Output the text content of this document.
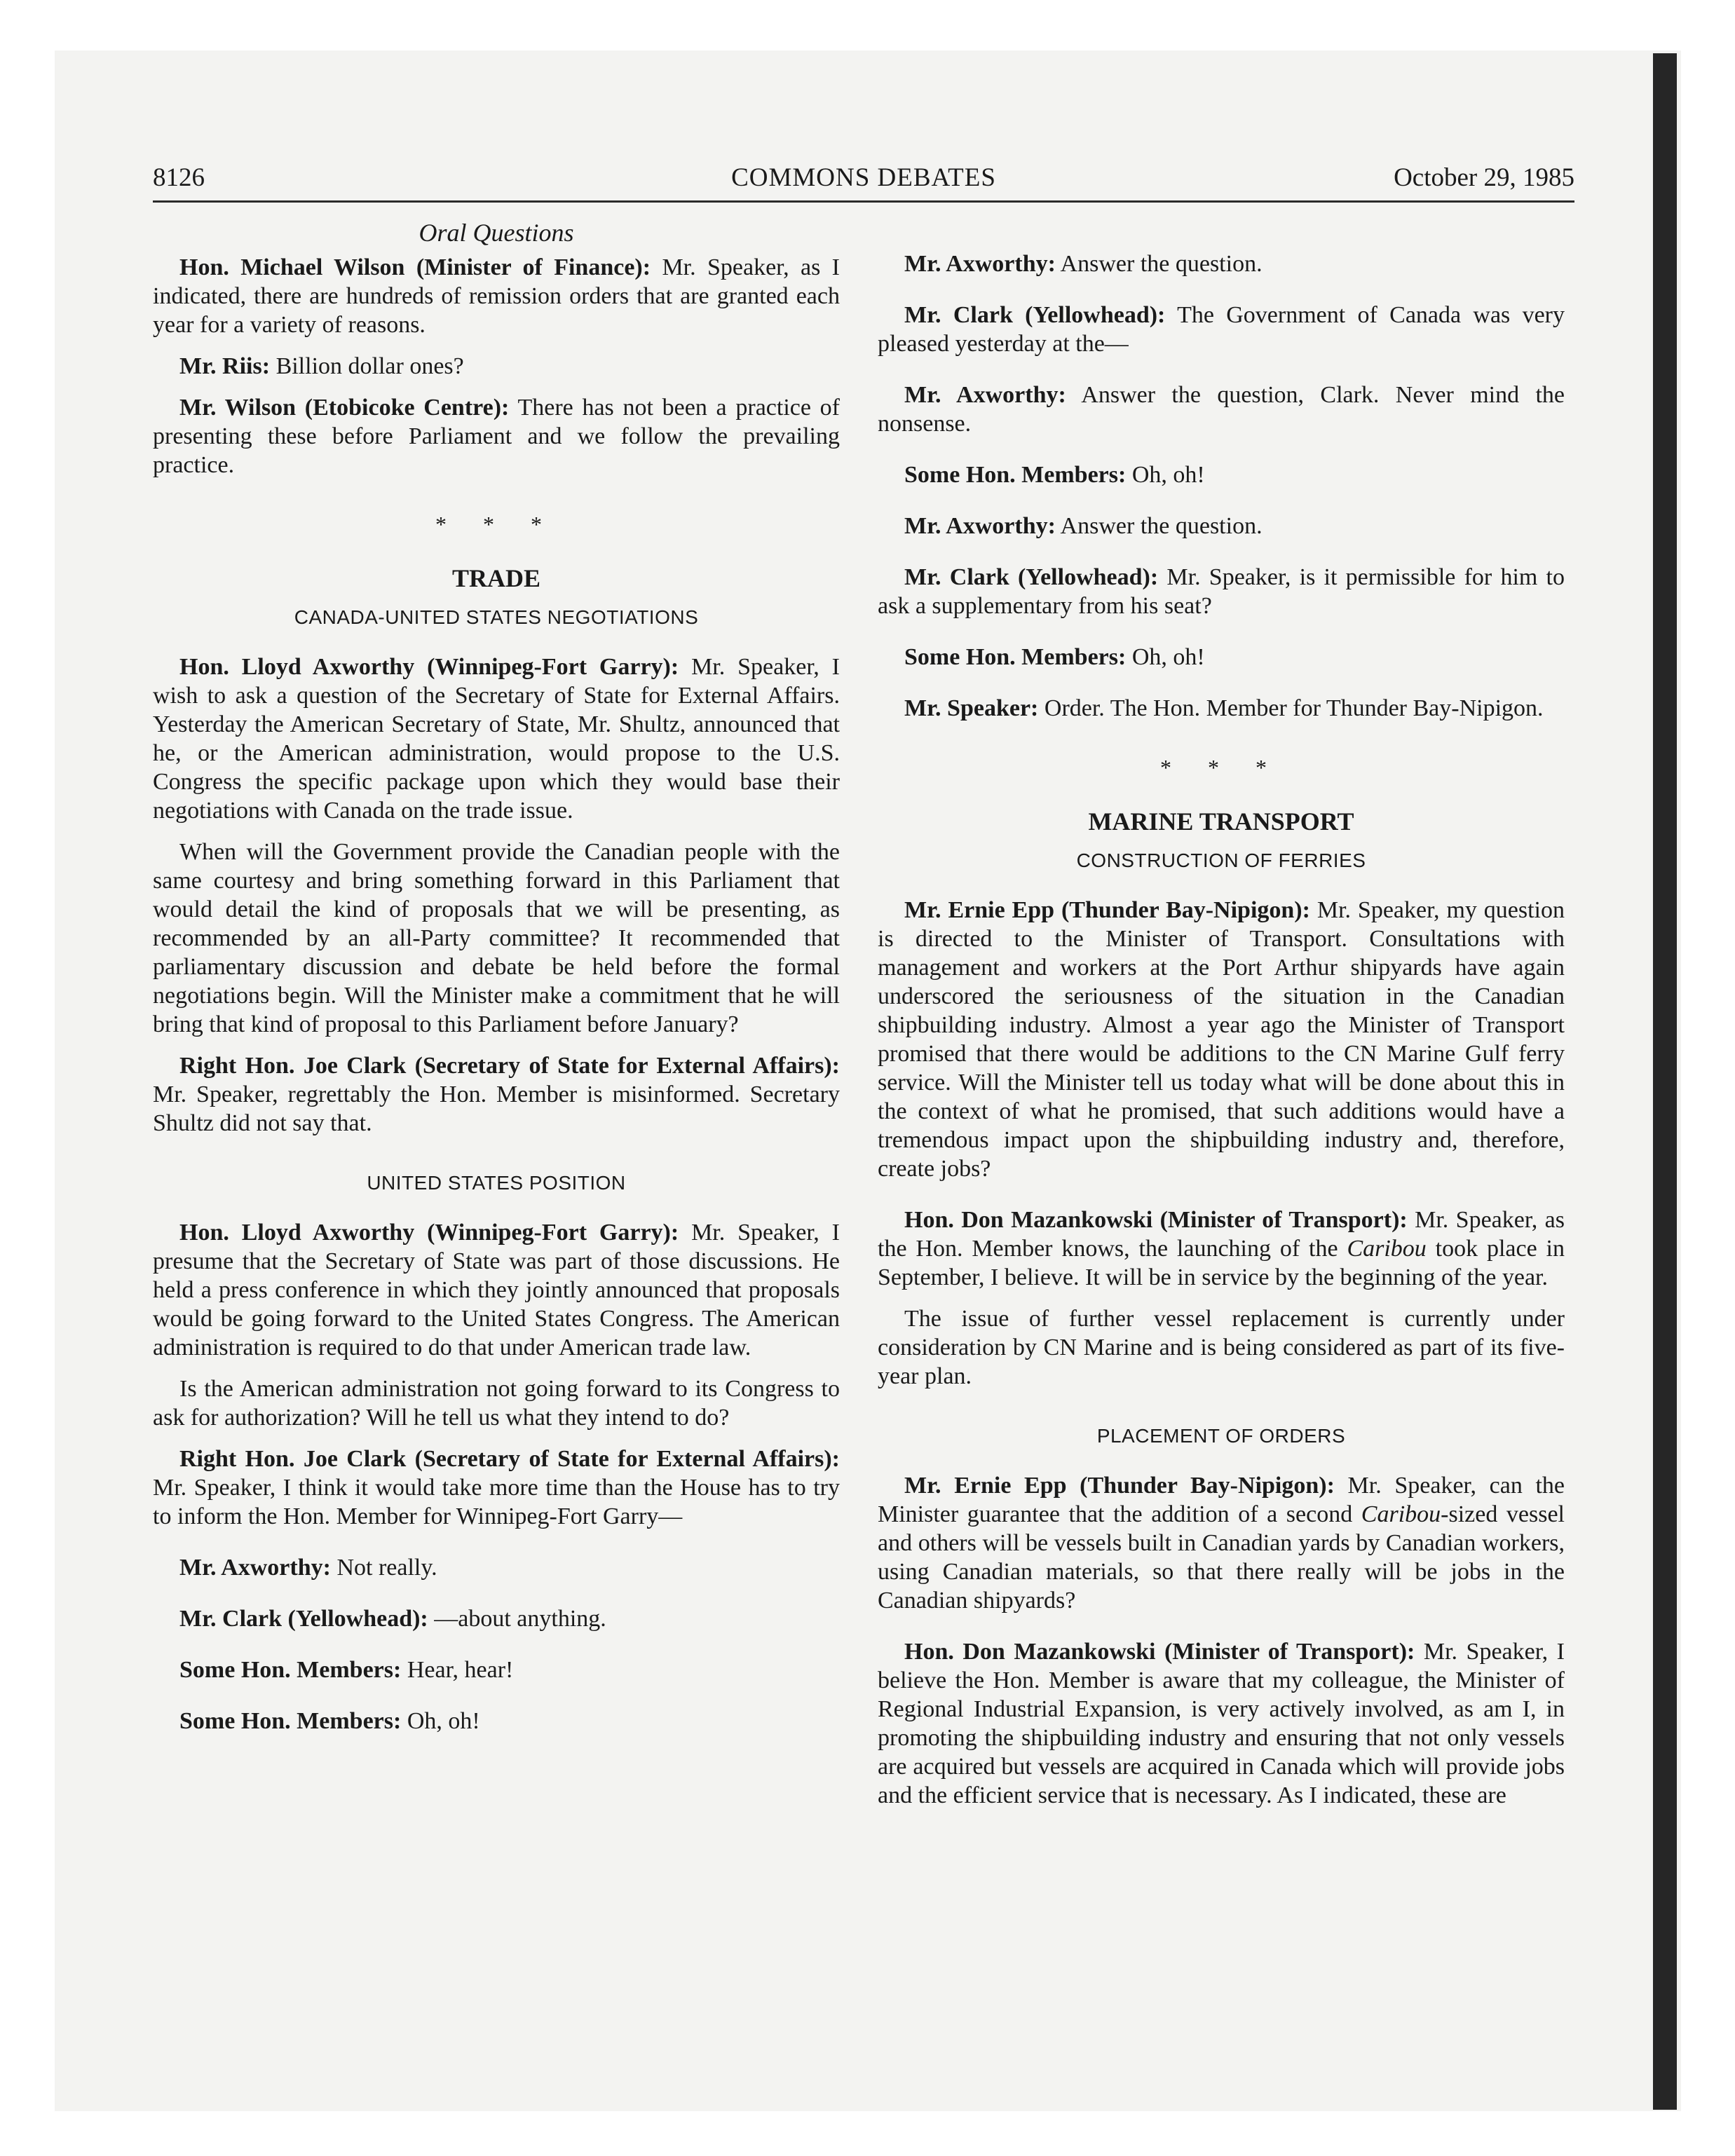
8126	COMMONS DEBATES	October 29, 1985
Oral Questions

Hon. Michael Wilson (Minister of Finance): Mr. Speaker, as I indicated, there are hundreds of remission orders that are granted each year for a variety of reasons.

Mr. Riis: Billion dollar ones?

Mr. Wilson (Etobicoke Centre): There has not been a practice of presenting these before Parliament and we follow the prevailing practice.

* * *
TRADE
CANADA-UNITED STATES NEGOTIATIONS

Hon. Lloyd Axworthy (Winnipeg-Fort Garry): Mr. Speaker, I wish to ask a question of the Secretary of State for External Affairs. Yesterday the American Secretary of State, Mr. Shultz, announced that he, or the American administration, would propose to the U.S. Congress the specific package upon which they would base their negotiations with Canada on the trade issue.

When will the Government provide the Canadian people with the same courtesy and bring something forward in this Parliament that would detail the kind of proposals that we will be presenting, as recommended by an all-Party committee? It recommended that parliamentary discussion and debate be held before the formal negotiations begin. Will the Minister make a commitment that he will bring that kind of proposal to this Parliament before January?

Right Hon. Joe Clark (Secretary of State for External Affairs): Mr. Speaker, regrettably the Hon. Member is misinformed. Secretary Shultz did not say that.

UNITED STATES POSITION

Hon. Lloyd Axworthy (Winnipeg-Fort Garry): Mr. Speaker, I presume that the Secretary of State was part of those discussions. He held a press conference in which they jointly announced that proposals would be going forward to the United States Congress. The American administration is required to do that under American trade law.

Is the American administration not going forward to its Congress to ask for authorization? Will he tell us what they intend to do?

Right Hon. Joe Clark (Secretary of State for External Affairs): Mr. Speaker, I think it would take more time than the House has to try to inform the Hon. Member for Winnipeg-Fort Garry—

Mr. Axworthy: Not really.

Mr. Clark (Yellowhead): —about anything.

Some Hon. Members: Hear, hear!

Some Hon. Members: Oh, oh!

Mr. Axworthy: Answer the question.

Mr. Clark (Yellowhead): The Government of Canada was very pleased yesterday at the—

Mr. Axworthy: Answer the question, Clark. Never mind the nonsense.

Some Hon. Members: Oh, oh!

Mr. Axworthy: Answer the question.

Mr. Clark (Yellowhead): Mr. Speaker, is it permissible for him to ask a supplementary from his seat?

Some Hon. Members: Oh, oh!

Mr. Speaker: Order. The Hon. Member for Thunder Bay-Nipigon.

* * *
MARINE TRANSPORT
CONSTRUCTION OF FERRIES

Mr. Ernie Epp (Thunder Bay-Nipigon): Mr. Speaker, my question is directed to the Minister of Transport. Consultations with management and workers at the Port Arthur shipyards have again underscored the seriousness of the situation in the Canadian shipbuilding industry. Almost a year ago the Minister of Transport promised that there would be additions to the CN Marine Gulf ferry service. Will the Minister tell us today what will be done about this in the context of what he promised, that such additions would have a tremendous impact upon the shipbuilding industry and, therefore, create jobs?

Hon. Don Mazankowski (Minister of Transport): Mr. Speaker, as the Hon. Member knows, the launching of the Caribou took place in September, I believe. It will be in service by the beginning of the year.

The issue of further vessel replacement is currently under consideration by CN Marine and is being considered as part of its five-year plan.

PLACEMENT OF ORDERS

Mr. Ernie Epp (Thunder Bay-Nipigon): Mr. Speaker, can the Minister guarantee that the addition of a second Caribou-sized vessel and others will be vessels built in Canadian yards by Canadian workers, using Canadian materials, so that there really will be jobs in the Canadian shipyards?

Hon. Don Mazankowski (Minister of Transport): Mr. Speaker, I believe the Hon. Member is aware that my colleague, the Minister of Regional Industrial Expansion, is very actively involved, as am I, in promoting the shipbuilding industry and ensuring that not only vessels are acquired but vessels are acquired in Canada which will provide jobs and the efficient service that is necessary. As I indicated, these are
